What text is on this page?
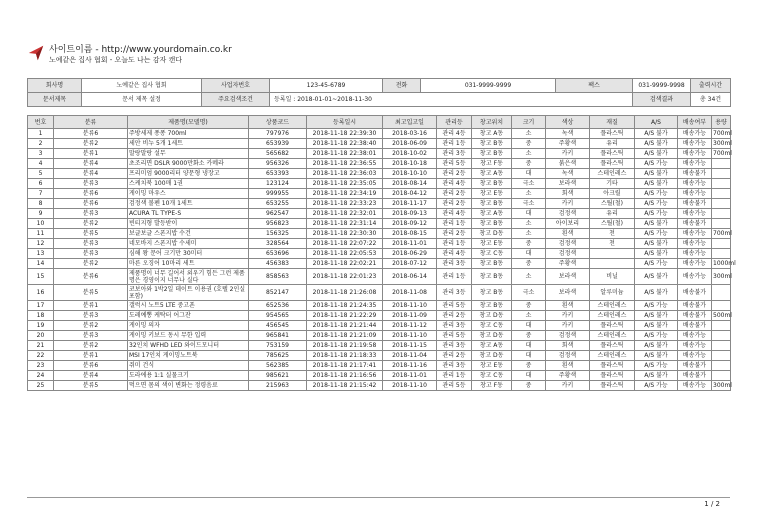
사이트이름 - http://www.yourdomain.co.kr
노예같은 집사 협회 - 오늘도 나는 감자 캔다
회사명	노예같은 집사 협회	사업자번호	123-45-6789	전화	031-9999-9999	팩스	031-9999-9998	출력시간	
문서제목	문서 제목 설정	주요검색조건	등록일 : 2018-01-01~2018-11-30				검색결과	총 34건	
번호	분류	제품명(모델명)	상품코드	등록일시	최고입고일	관리등	창고위치	크기	색상	재질	A/S	배송여부	용량
1	분류6	주방세제 퐁퐁 700ml	797976	2018-11-18 22:39:30	2018-03-16	관리 4등	창고 A동	소	녹색	플라스틱	A/S 불가	배송가능	700ml
2	분류2	세안 비누 5개 1세트	653939	2018-11-18 22:38:40	2018-06-09	관리 1등	창고 B동	중	주황색	유리	A/S 불가	배송가능	300ml
3	분류1	말랑말랑 설무	565682	2018-11-18 22:38:01	2018-10-02	관리 3등	창고 B동	소	카키	플라스틱	A/S 불가	배송가능	700ml
4	분류4	초조리면 DSLR 9000만화소 카메라	956326	2018-11-18 22:36:55	2018-10-18	관리 5등	창고 F동	중	붉은색	플라스틱	A/S 가능	배송가능	
5	분류4	프리미엄 9000리터 양문형 냉장고	653393	2018-11-18 22:36:03	2018-10-10	관리 2등	창고 A동	대	녹색	스테인레스	A/S 불가	배송불가	
6	분류3	스케치북 100매 1권	123124	2018-11-18 22:35:05	2018-08-14	관리 4등	창고 B동	극소	보라색	기타	A/S 불가	배송가능	
7	분류6	게이밍 마우스	999955	2018-11-18 22:34:19	2018-04-12	관리 2등	창고 E동	소	회색	아크릴	A/S 가능	배송가능	
8	분류6	검정색 볼펜 10개 1세트	653255	2018-11-18 22:33:23	2018-11-17	관리 2등	창고 B동	극소	카키	스틸(철)	A/S 가능	배송불가	
9	분류3	ACURA TL TYPE-S	962547	2018-11-18 22:32:01	2018-09-13	관리 4등	창고 A동	대	검정색	유리	A/S 가능	배송가능	
10	분류2	빈티지형 발등받이	956823	2018-11-18 22:31:14	2018-09-12	관리 1등	창고 B동	소	아이보리	스틸(철)	A/S 불가	배송불가	
11	분류5	보글보글 스폰지밥 수건	156325	2018-11-18 22:30:30	2018-08-15	관리 2등	창고 D동	소	흰색	천	A/S 가능	배송가능	700ml
12	분류3	네모바지 스폰지밥 수세미	328564	2018-11-18 22:07:22	2018-11-01	관리 1등	창고 E동	중	검정색	천	A/S 불가	배송가능	
13	분류3	심해 왕 문어 크기만 30미터	653696	2018-11-18 22:05:53	2018-06-29	관리 4등	창고 C동	대	검정색		A/S 불가	배송가능	
14	분류2	마른 오징어 10마리 세트	456383	2018-11-18 22:02:21	2018-07-12	관리 3등	창고 B동	중	주황색		A/S 가능	배송가능	1000ml
15	분류6	제품명이 너무 길어서 외우기 힘든 그런 제품명은 경영이지 너무나 실다	858563	2018-11-18 22:01:23	2018-06-14	관리 1등	창고 B동	소	보라색	비닐	A/S 불가	배송가능	300ml
16	분류5	코보아와 1박2일 데이트 이용권 (호텔 2인실 포함)	852147	2018-11-18 21:26:08	2018-11-08	관리 3등	창고 B동	극소	보라색	알루미늄	A/S 불가	배송불가	
17	분류1	갤럭시 노트5 LTE 중고폰	652536	2018-11-18 21:24:35	2018-11-10	관리 5등	창고 B동	중	흰색	스테인레스	A/S 가능	배송불가	
18	분류3	도레예뽕 케탁터 어그잔	954565	2018-11-18 21:22:29	2018-11-09	관리 2등	창고 D동	소	카키	스테인레스	A/S 불가	배송불가	500ml
19	분류2	게이밍 의자	456545	2018-11-18 21:21:44	2018-11-12	관리 3등	창고 C동	대	카키	플라스틱	A/S 불가	배송불가	
20	분류3	게이밍 키보드 동시 무한 입력	965841	2018-11-18 21:21:09	2018-11-10	관리 5등	창고 D동	중	검정색	스테인레스	A/S 가능	배송가능	
21	분류2	32인치 WFHD LED 와이드모니터	753159	2018-11-18 21:19:58	2018-11-15	관리 3등	창고 A동	대	회색	플라스틱	A/S 불가	배송가능	
22	분류1	MSI 17인치 게이밍노트북	785625	2018-11-18 21:18:33	2018-11-04	관리 2등	창고 D동	대	검정색	스테인레스	A/S 불가	배송가능	
23	분류6	쥐미 건식	562385	2018-11-18 21:17:41	2018-11-16	관리 3등	창고 E동	중	흰색	플라스틱	A/S 가능	배송불가	
24	분류4	도라에용 1:1 실물크기	985621	2018-11-18 21:16:56	2018-11-01	관리 1등	창고 C동	대	주황색	플라스틱	A/S 불가	배송불가	
25	분류5	먹으면 몸의 색이 변화는 정령음료	215963	2018-11-18 21:15:42	2018-11-10	관리 5등	창고 F동	중	카키	플라스틱	A/S 가능	배송가능	300ml
1 / 2
